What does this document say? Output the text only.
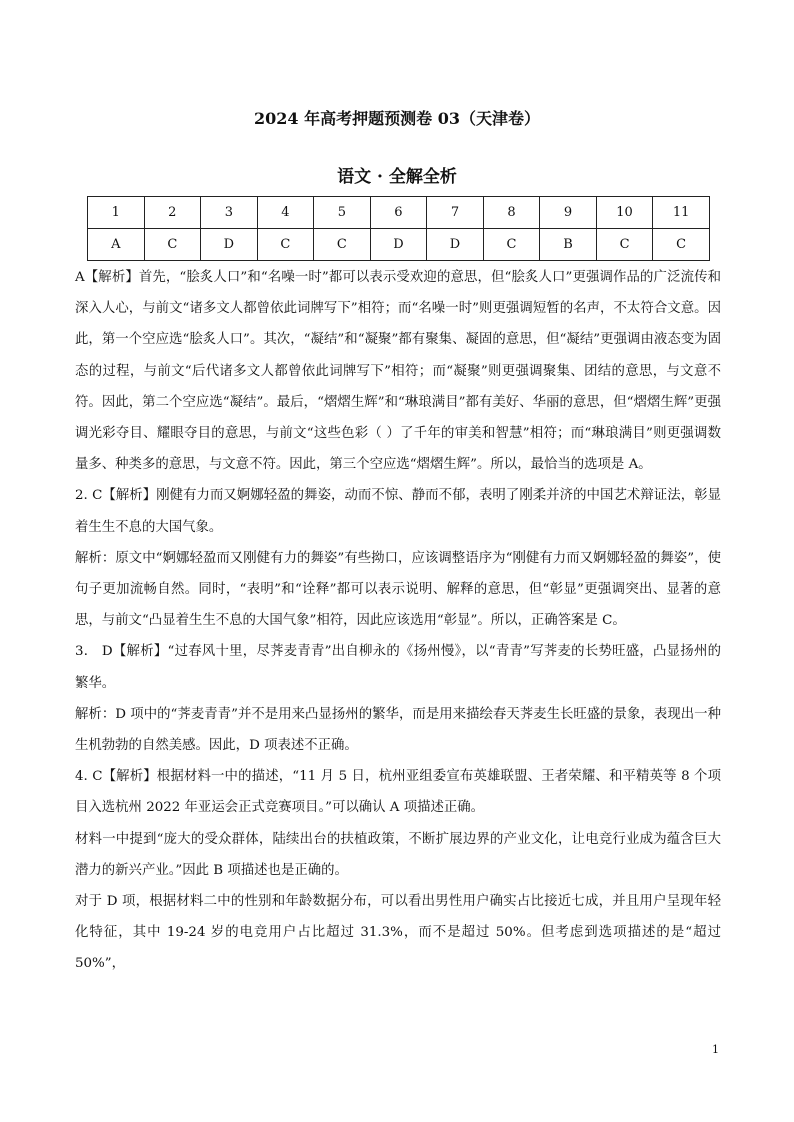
2024 年高考押题预测卷 03（天津卷）
语文 · 全解全析
1	2	3	4	5	6	7	8	9	10	11
A	C	D	C	C	D	D	C	B	C	C

A【解析】首先，“脍炙人口”和“名噪一时”都可以表示受欢迎的意思，但“脍炙人口”更强调作品的广泛流传和深入人心，与前文“诸多文人都曾依此词牌写下”相符；而“名噪一时”则更强调短暂的名声，不太符合文意。因此，第一个空应选“脍炙人口”。其次，“凝结”和“凝聚”都有聚集、凝固的意思，但“凝结”更强调由液态变为固态的过程，与前文“后代诸多文人都曾依此词牌写下”相符；而“凝聚”则更强调聚集、团结的意思，与文意不符。因此，第二个空应选“凝结”。最后，“熠熠生辉”和“琳琅满目”都有美好、华丽的意思，但“熠熠生辉”更强调光彩夺目、耀眼夺目的意思，与前文“这些色彩（ ）了千年的审美和智慧”相符；而“琳琅满目”则更强调数量多、种类多的意思，与文意不符。因此，第三个空应选“熠熠生辉”。所以，最恰当的选项是 A。

2. C【解析】刚健有力而又婀娜轻盈的舞姿，动而不惊、静而不郁，表明了刚柔并济的中国艺术辩证法，彰显着生生不息的大国气象。

解析：原文中“婀娜轻盈而又刚健有力的舞姿”有些拗口，应该调整语序为“刚健有力而又婀娜轻盈的舞姿”，使句子更加流畅自然。同时，“表明”和“诠释”都可以表示说明、解释的意思，但“彰显”更强调突出、显著的意思，与前文“凸显着生生不息的大国气象”相符，因此应该选用“彰显”。所以，正确答案是 C。

3． D【解析】“过春风十里，尽荠麦青青”出自柳永的《扬州慢》，以“青青”写荠麦的长势旺盛，凸显扬州的繁华。

解析：D 项中的“荠麦青青”并不是用来凸显扬州的繁华，而是用来描绘春天荠麦生长旺盛的景象，表现出一种生机勃勃的自然美感。因此，D 项表述不正确。

4. C【解析】根据材料一中的描述，“11 月 5 日，杭州亚组委宣布英雄联盟、王者荣耀、和平精英等 8 个项目入选杭州 2022 年亚运会正式竞赛项目。”可以确认 A 项描述正确。

材料一中提到“庞大的受众群体，陆续出台的扶植政策，不断扩展边界的产业文化，让电竞行业成为蕴含巨大潜力的新兴产业。”因此 B 项描述也是正确的。

对于 D 项，根据材料二中的性别和年龄数据分布，可以看出男性用户确实占比接近七成，并且用户呈现年轻化特征，其中 19-24 岁的电竞用户占比超过 31.3%，而不是超过 50%。但考虑到选项描述的是“超过 50%”，

1
